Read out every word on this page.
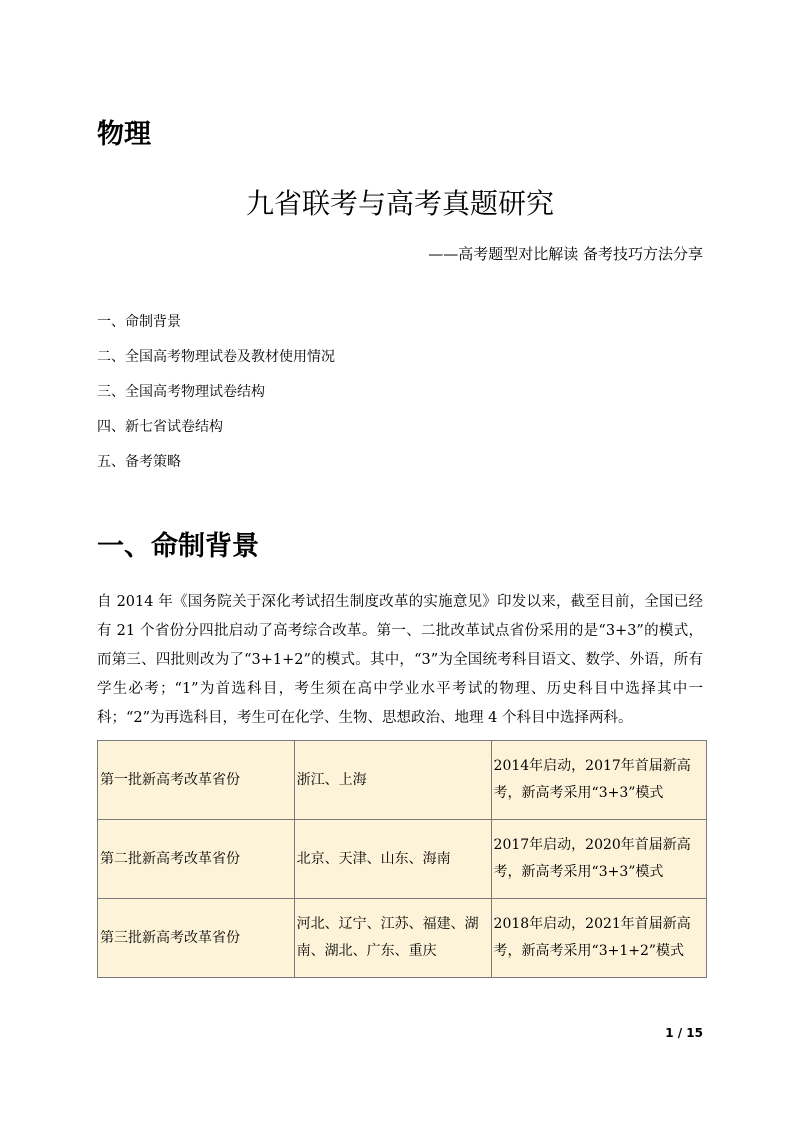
物理
九省联考与高考真题研究
——高考题型对比解读 备考技巧方法分享
一、命制背景
二、全国高考物理试卷及教材使用情况
三、全国高考物理试卷结构
四、新七省试卷结构
五、备考策略
一、命制背景

自 2014 年《国务院关于深化考试招生制度改革的实施意见》印发以来，截至目前，全国已经有 21 个省份分四批启动了高考综合改革。第一、二批改革试点省份采用的是“3+3”的模式，而第三、四批则改为了“3+1+2”的模式。其中，“3”为全国统考科目语文、数学、外语，所有学生必考；“1”为首选科目，考生须在高中学业水平考试的物理、历史科目中选择其中一科；“2”为再选科目，考生可在化学、生物、思想政治、地理 4 个科目中选择两科。

第一批新高考改革省份	浙江、上海	2014年启动，2017年首届新高考，新高考采用“3+3”模式
第二批新高考改革省份	北京、天津、山东、海南	2017年启动，2020年首届新高考，新高考采用“3+3”模式
第三批新高考改革省份	河北、辽宁、江苏、福建、湖南、湖北、广东、重庆	2018年启动，2021年首届新高考，新高考采用“3+1+2”模式
1 / 15
